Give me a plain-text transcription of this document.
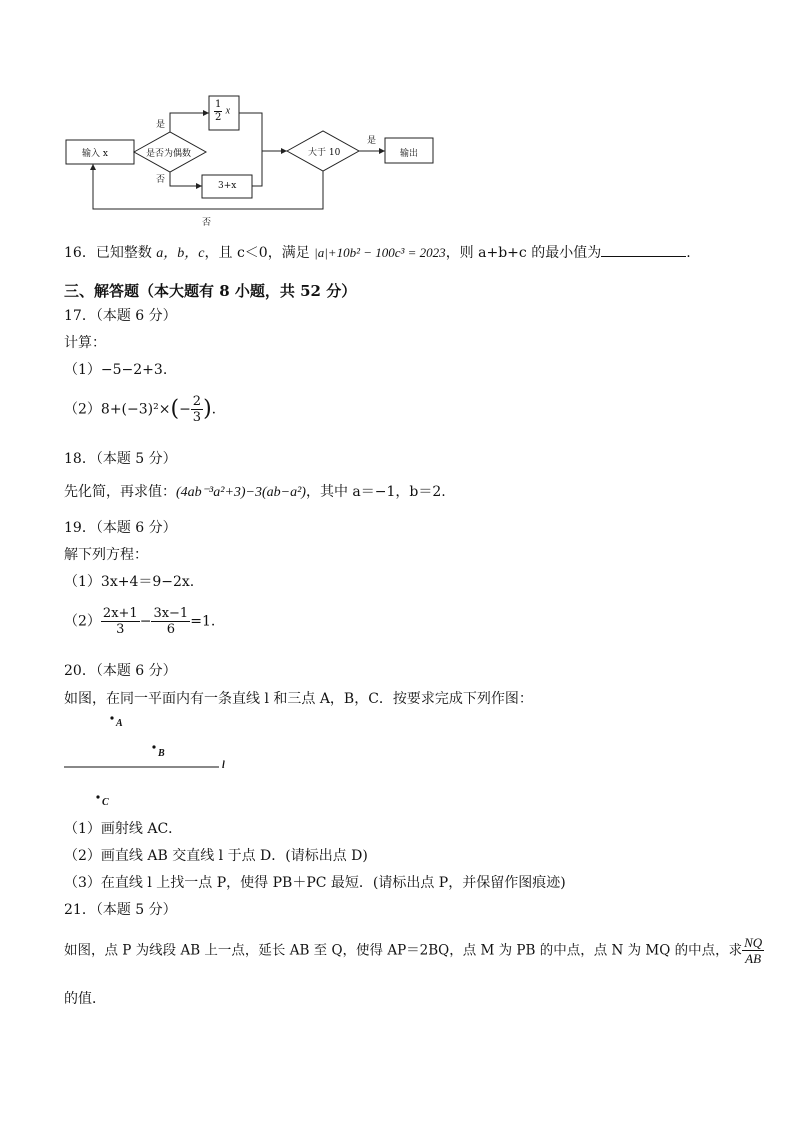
输入 x	是否为偶数
$\frac{1}{2}$ x
3+x
大于 10	输出
是
否
是
否
16．已知整数 a，b，c，且 c＜0，满足 |a|+10b² − 100c³ = 2023，则 a+b+c 的最小值为	.
三、解答题（本大题有 8 小题，共 52 分）
17．（本题 6 分）
计算：
（1）−5−2+3.
$(2)8+(-3)^2\times(- \frac{2}{3}$ ).
18．（本题 5 分）
先化简，再求值：(4ab⁻³a²+3)−3(ab−a²)，其中 a＝−1，b＝2.
19．（本题 6 分）
解下列方程：
（1）3x+4＝9−2x.
$(2) \frac{2x+1}{3} - \frac{3x-1}{6} =1$.
20．（本题 6 分）
如图，在同一平面内有一条直线 l 和三点 A，B，C．按要求完成下列作图：
A
B
l
C
（1）画射线 AC．
（2）画直线 AB 交直线 l 于点 D．(请标出点 D)
（3）在直线 l 上找一点 P，使得 PB＋PC 最短．(请标出点 P，并保留作图痕迹)
21．（本题 5 分）
如图，点 P 为线段 AB 上一点，延长 AB 至 Q，使得 AP＝2BQ，点 M 为 PB 的中点，点 N 为 MQ 的中点，求 $\frac{NQ}{AB}$
的值．
